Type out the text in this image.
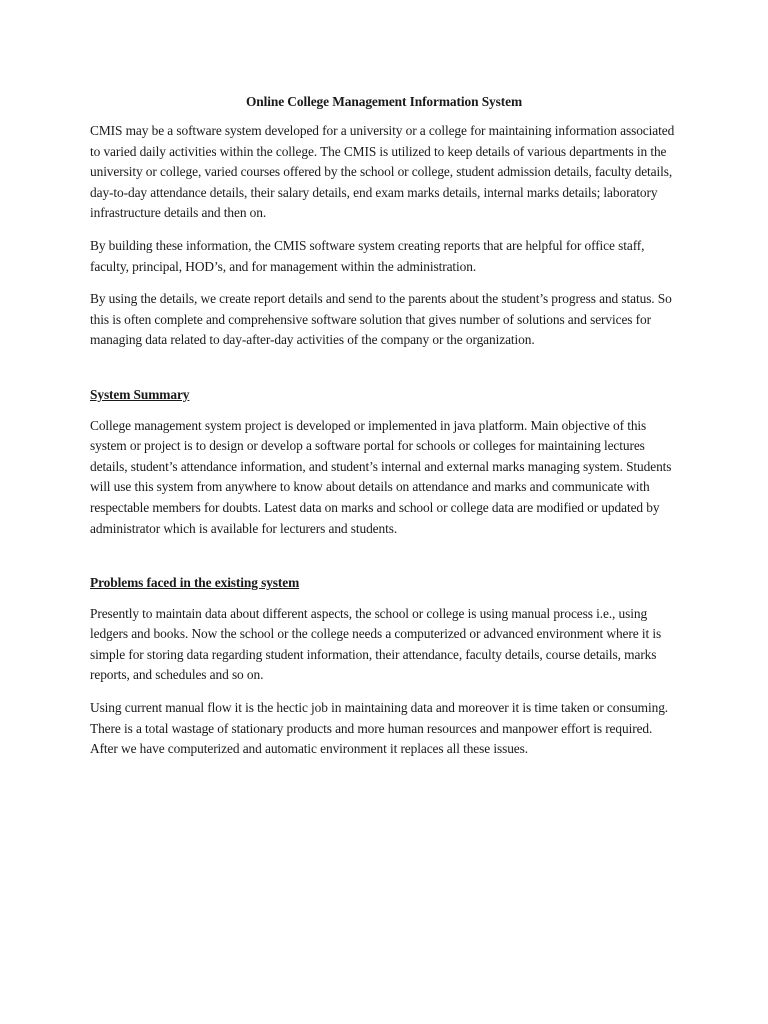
Online College Management Information System

CMIS may be a software system developed for a university or a college for maintaining information associated to varied daily activities within the college. The CMIS is utilized to keep details of various departments in the university or college, varied courses offered by the school or college, student admission details, faculty details, day-to-day attendance details, their salary details, end exam marks details, internal marks details; laboratory infrastructure details and then on.

By building these information, the CMIS software system creating reports that are helpful for office staff, faculty, principal, HOD’s, and for management within the administration.

By using the details, we create report details and send to the parents about the student’s progress and status. So this is often complete and comprehensive software solution that gives number of solutions and services for managing data related to day-after-day activities of the company or the organization.

System Summary

College management system project is developed or implemented in java platform. Main objective of this system or project is to design or develop a software portal for schools or colleges for maintaining lectures details, student’s attendance information, and student’s internal and external marks managing system. Students will use this system from anywhere to know about details on attendance and marks and communicate with respectable members for doubts. Latest data on marks and school or college data are modified or updated by administrator which is available for lecturers and students.

Problems faced in the existing system

Presently to maintain data about different aspects, the school or college is using manual process i.e., using ledgers and books. Now the school or the college needs a computerized or advanced environment where it is simple for storing data regarding student information, their attendance, faculty details, course details, marks reports, and schedules and so on.

Using current manual flow it is the hectic job in maintaining data and moreover it is time taken or consuming. There is a total wastage of stationary products and more human resources and manpower effort is required. After we have computerized and automatic environment it replaces all these issues.
